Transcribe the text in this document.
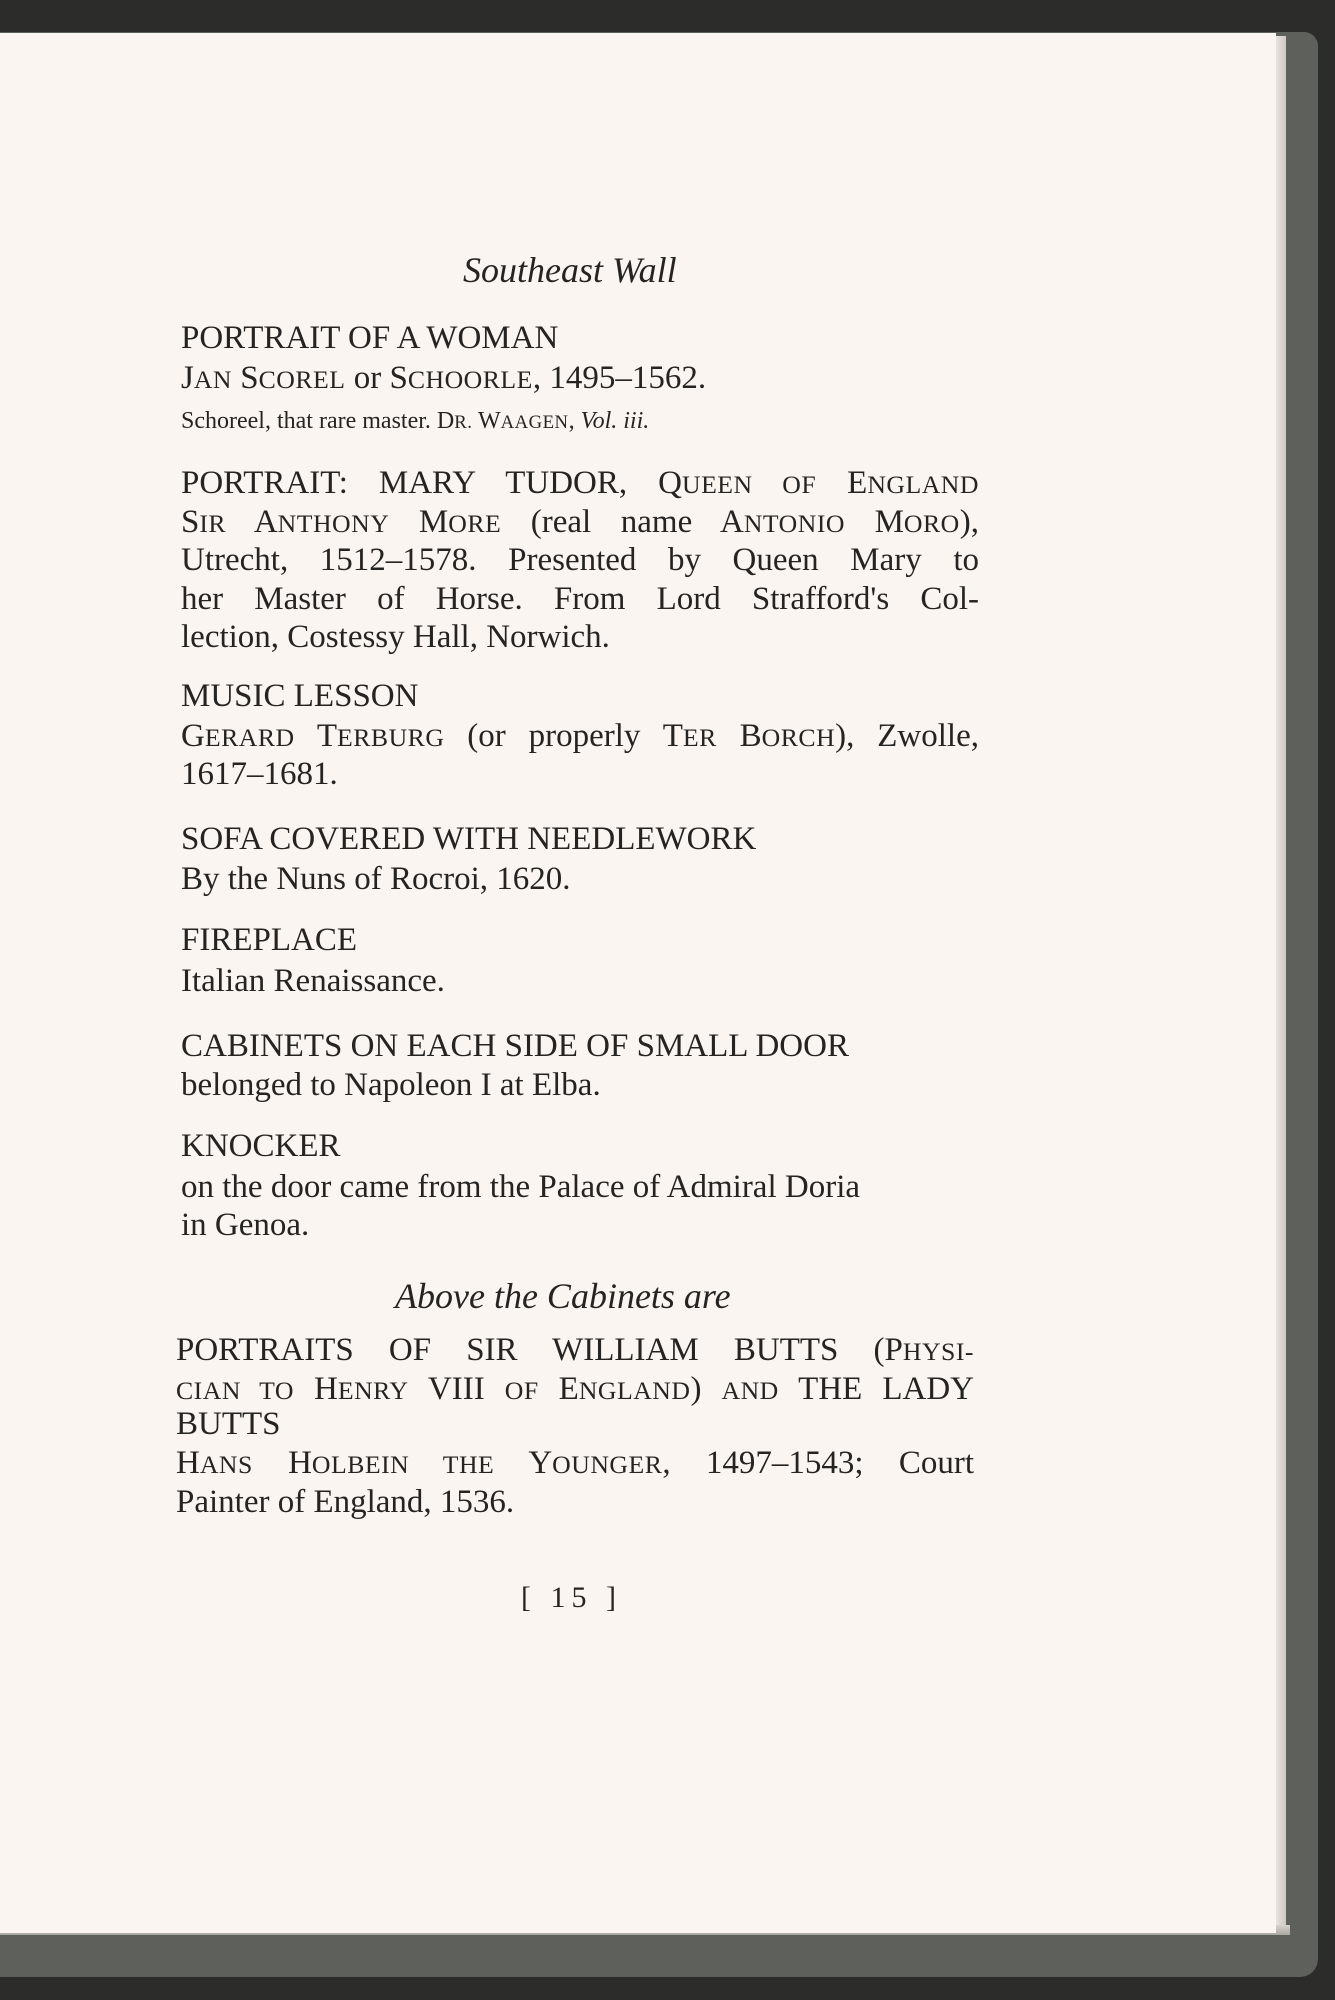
Southeast Wall
PORTRAIT OF A WOMAN
JAN SCOREL or SCHOORLE, 1495–1562.
Schoreel, that rare master. DR. WAAGEN, Vol. iii.
PORTRAIT: MARY TUDOR, QUEEN OF ENGLAND
SIR ANTHONY MORE (real name ANTONIO MORO),
Utrecht, 1512–1578. Presented by Queen Mary to
her Master of Horse. From Lord Strafford's Col-
lection, Costessy Hall, Norwich.
MUSIC LESSON
GERARD TERBURG (or properly TER BORCH), Zwolle,
1617–1681.
SOFA COVERED WITH NEEDLEWORK
By the Nuns of Rocroi, 1620.
FIREPLACE
Italian Renaissance.
CABINETS ON EACH SIDE OF SMALL DOOR
belonged to Napoleon I at Elba.
KNOCKER
on the door came from the Palace of Admiral Doria
in Genoa.
Above the Cabinets are
PORTRAITS OF SIR WILLIAM BUTTS (PHYSI-
CIAN TO HENRY VIII OF ENGLAND) AND THE LADY
BUTTS
HANS HOLBEIN THE YOUNGER, 1497–1543; Court
Painter of England, 1536.
[ 15 ]
